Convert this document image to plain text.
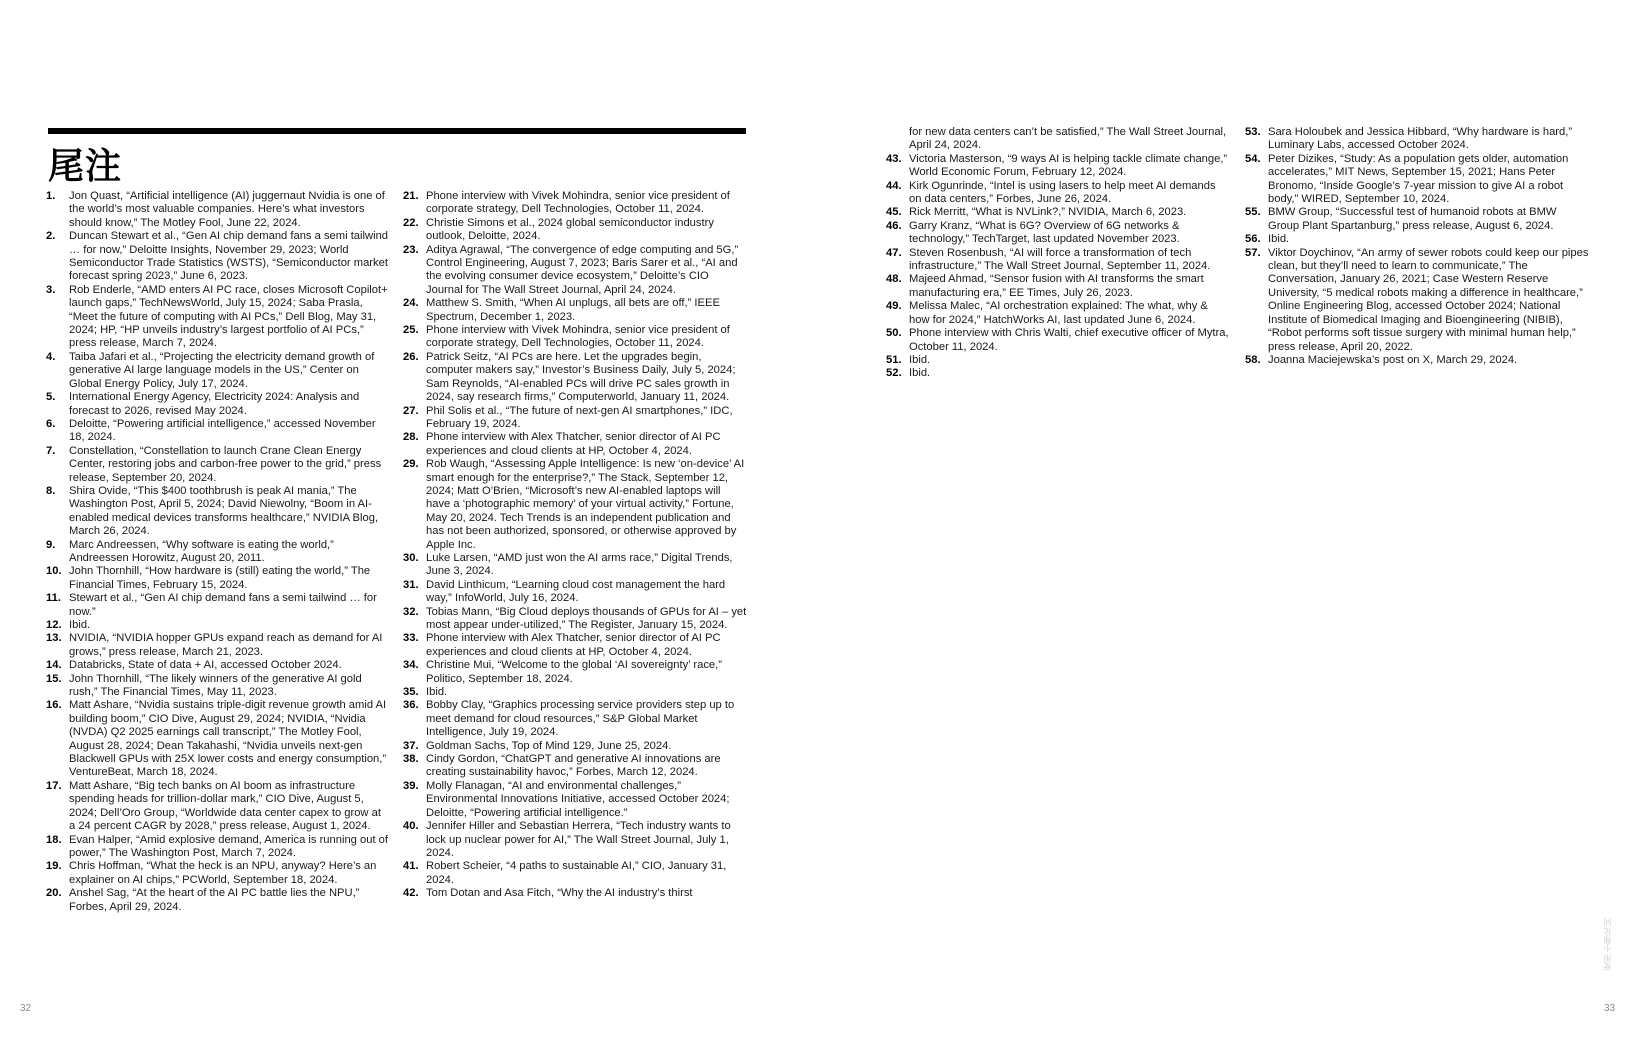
尾注
1.	Jon Quast, “Artificial intelligence (AI) juggernaut Nvidia is one of the world’s most valuable companies. Here’s what investors should know,” The Motley Fool, June 22, 2024.
2.	Duncan Stewart et al., “Gen AI chip demand fans a semi tailwind … for now,” Deloitte Insights, November 29, 2023; World Semiconductor Trade Statistics (WSTS), “Semiconductor market forecast spring 2023,” June 6, 2023.
3.	Rob Enderle, “AMD enters AI PC race, closes Microsoft Copilot+ launch gaps,” TechNewsWorld, July 15, 2024; Saba Prasla, “Meet the future of computing with AI PCs,” Dell Blog, May 31, 2024; HP, “HP unveils industry’s largest portfolio of AI PCs,” press release, March 7, 2024.
4.	Taiba Jafari et al., “Projecting the electricity demand growth of generative AI large language models in the US,” Center on Global Energy Policy, July 17, 2024.
5.	International Energy Agency, Electricity 2024: Analysis and forecast to 2026, revised May 2024.
6.	Deloitte, “Powering artificial intelligence,” accessed November 18, 2024.
7.	Constellation, “Constellation to launch Crane Clean Energy Center, restoring jobs and carbon-free power to the grid,” press release, September 20, 2024.
8.	Shira Ovide, “This $400 toothbrush is peak AI mania,” The Washington Post, April 5, 2024; David Niewolny, “Boom in AI-enabled medical devices transforms healthcare,” NVIDIA Blog, March 26, 2024.
9.	Marc Andreessen, “Why software is eating the world,” Andreessen Horowitz, August 20, 2011.
10. John Thornhill, “How hardware is (still) eating the world,” The Financial Times, February 15, 2024.
11. Stewart et al., “Gen AI chip demand fans a semi tailwind … for now.”
12. Ibid.
13. NVIDIA, “NVIDIA hopper GPUs expand reach as demand for AI grows,” press release, March 21, 2023.
14. Databricks, State of data + AI, accessed October 2024.
15. John Thornhill, “The likely winners of the generative AI gold rush,” The Financial Times, May 11, 2023.
16. Matt Ashare, “Nvidia sustains triple-digit revenue growth amid AI building boom,” CIO Dive, August 29, 2024; NVIDIA, “Nvidia (NVDA) Q2 2025 earnings call transcript,” The Motley Fool, August 28, 2024; Dean Takahashi, “Nvidia unveils next-gen Blackwell GPUs with 25X lower costs and energy consumption,” VentureBeat, March 18, 2024.
17. Matt Ashare, “Big tech banks on AI boom as infrastructure spending heads for trillion-dollar mark,” CIO Dive, August 5, 2024; Dell’Oro Group, “Worldwide data center capex to grow at a 24 percent CAGR by 2028,” press release, August 1, 2024.
18. Evan Halper, “Amid explosive demand, America is running out of power,” The Washington Post, March 7, 2024.
19. Chris Hoffman, “What the heck is an NPU, anyway? Here’s an explainer on AI chips,” PCWorld, September 18, 2024.
20. Anshel Sag, “At the heart of the AI PC battle lies the NPU,” Forbes, April 29, 2024.
21. Phone interview with Vivek Mohindra, senior vice president of corporate strategy, Dell Technologies, October 11, 2024.
22. Christie Simons et al., 2024 global semiconductor industry outlook, Deloitte, 2024.
23. Aditya Agrawal, “The convergence of edge computing and 5G,” Control Engineering, August 7, 2023; Baris Sarer et al., “AI and the evolving consumer device ecosystem,” Deloitte’s CIO Journal for The Wall Street Journal, April 24, 2024.
24. Matthew S. Smith, “When AI unplugs, all bets are off,” IEEE Spectrum, December 1, 2023.
25. Phone interview with Vivek Mohindra, senior vice president of corporate strategy, Dell Technologies, October 11, 2024.
26. Patrick Seitz, “AI PCs are here. Let the upgrades begin, computer makers say,” Investor’s Business Daily, July 5, 2024; Sam Reynolds, “AI-enabled PCs will drive PC sales growth in 2024, say research firms,” Computerworld, January 11, 2024.
27. Phil Solis et al., “The future of next-gen AI smartphones,” IDC, February 19, 2024.
28. Phone interview with Alex Thatcher, senior director of AI PC experiences and cloud clients at HP, October 4, 2024.
29. Rob Waugh, “Assessing Apple Intelligence: Is new ‘on-device’ AI smart enough for the enterprise?,” The Stack, September 12, 2024; Matt O’Brien, “Microsoft’s new AI-enabled laptops will have a ‘photographic memory’ of your virtual activity,” Fortune, May 20, 2024. Tech Trends is an independent publication and has not been authorized, sponsored, or otherwise approved by Apple Inc.
30. Luke Larsen, “AMD just won the AI arms race,” Digital Trends, June 3, 2024.
31. David Linthicum, “Learning cloud cost management the hard way,” InfoWorld, July 16, 2024.
32. Tobias Mann, “Big Cloud deploys thousands of GPUs for AI – yet most appear under-utilized,” The Register, January 15, 2024.
33. Phone interview with Alex Thatcher, senior director of AI PC experiences and cloud clients at HP, October 4, 2024.
34. Christine Mui, “Welcome to the global ‘AI sovereignty’ race,” Politico, September 18, 2024.
35. Ibid.
36. Bobby Clay, “Graphics processing service providers step up to meet demand for cloud resources,” S&P Global Market Intelligence, July 19, 2024.
37. Goldman Sachs, Top of Mind 129, June 25, 2024.
38. Cindy Gordon, “ChatGPT and generative AI innovations are creating sustainability havoc,” Forbes, March 12, 2024.
39. Molly Flanagan, “AI and environmental challenges,” Environmental Innovations Initiative, accessed October 2024; Deloitte, “Powering artificial intelligence.”
40. Jennifer Hiller and Sebastian Herrera, “Tech industry wants to lock up nuclear power for AI,” The Wall Street Journal, July 1, 2024.
41. Robert Scheier, “4 paths to sustainable AI,” CIO, January 31, 2024.
42. Tom Dotan and Asa Fitch, “Why the AI industry’s thirst
for new data centers can’t be satisfied,” The Wall Street Journal, April 24, 2024.
43. Victoria Masterson, “9 ways AI is helping tackle climate change,” World Economic Forum, February 12, 2024.
44. Kirk Ogunrinde, “Intel is using lasers to help meet AI demands on data centers,” Forbes, June 26, 2024.
45. Rick Merritt, “What is NVLink?,” NVIDIA, March 6, 2023.
46. Garry Kranz, “What is 6G? Overview of 6G networks & technology,” TechTarget, last updated November 2023.
47. Steven Rosenbush, “AI will force a transformation of tech infrastructure,” The Wall Street Journal, September 11, 2024.
48. Majeed Ahmad, “Sensor fusion with AI transforms the smart manufacturing era,” EE Times, July 26, 2023.
49. Melissa Malec, “AI orchestration explained: The what, why & how for 2024,” HatchWorks AI, last updated June 6, 2024.
50. Phone interview with Chris Walti, chief executive officer of Mytra, October 11, 2024.
51. Ibid.
52. Ibid.
53. Sara Holoubek and Jessica Hibbard, “Why hardware is hard,” Luminary Labs, accessed October 2024.
54. Peter Dizikes, “Study: As a population gets older, automation accelerates,” MIT News, September 15, 2021; Hans Peter Bronomo, “Inside Google’s 7-year mission to give AI a robot body,” WIRED, September 10, 2024.
55. BMW Group, “Successful test of humanoid robots at BMW Group Plant Spartanburg,” press release, August 6, 2024.
56. Ibid.
57. Viktor Doychinov, “An army of sewer robots could keep our pipes clean, but they’ll need to learn to communicate,” The Conversation, January 26, 2021; Case Western Reserve University, “5 medical robots making a difference in healthcare,” Online Engineering Blog, accessed October 2024; National Institute of Biomedical Imaging and Bioengineering (NIBIB), “Robot performs soft tissue surgery with minimal human help,” press release, April 20, 2022.
58. Joanna Maciejewska’s post on X, March 29, 2024.
32	33
使用 小理论 同
